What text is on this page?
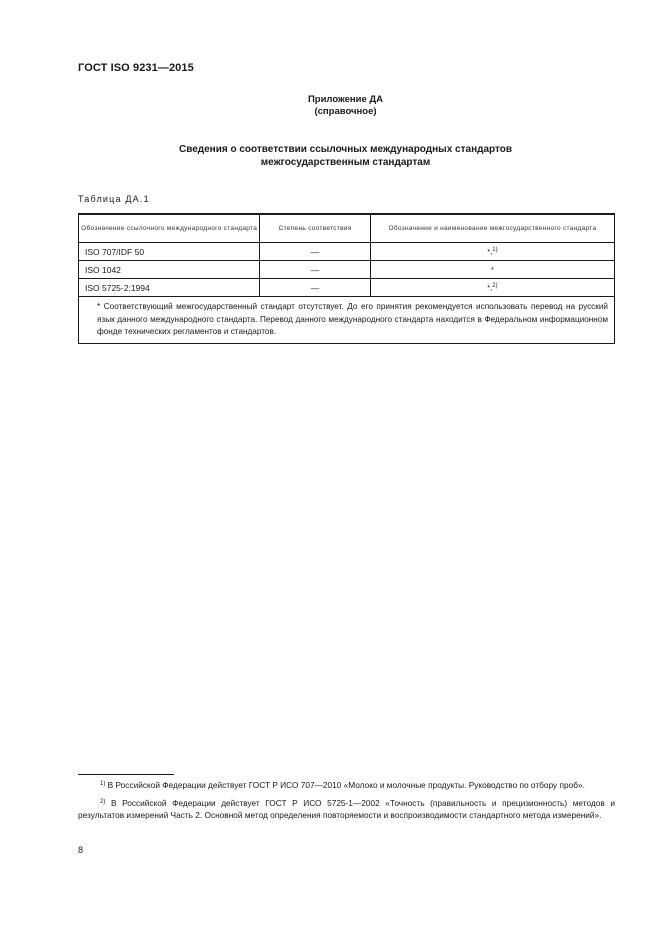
ГОСТ ISO 9231—2015
Приложение ДА
(справочное)
Сведения о соответствии ссылочных международных стандартов
межгосударственным стандартам
Таблица ДА.1
Обозначение ссылочного международного стандарта	Степень соответствия	Обозначение и наименование межгосударственного стандарта
ISO 707/IDF 50	—	*,$^{1)}$
ISO 1042	—	*
ISO 5725-2:1994	—	*,$^{2)}$

* Соответствующий межгосударственный стандарт отсутствует. До его принятия рекомендуется использовать перевод на русский язык данного международного стандарта. Перевод данного международного стандарта находится в Федеральном информационном фонде технических регламентов и стандартов.		

$^{1)}$ В Российской Федерации действует ГОСТ Р ИСО 707—2010 «Молоко и молочные продукты. Руководство по отбору проб».

$^{2)}$ В Российской Федерации действует ГОСТ Р ИСО 5725-1—2002 «Точность (правильность и прецизионность) методов и результатов измерений Часть 2. Основной метод определения повторяемости и воспроизводимости стандартного метода измерений».

8
